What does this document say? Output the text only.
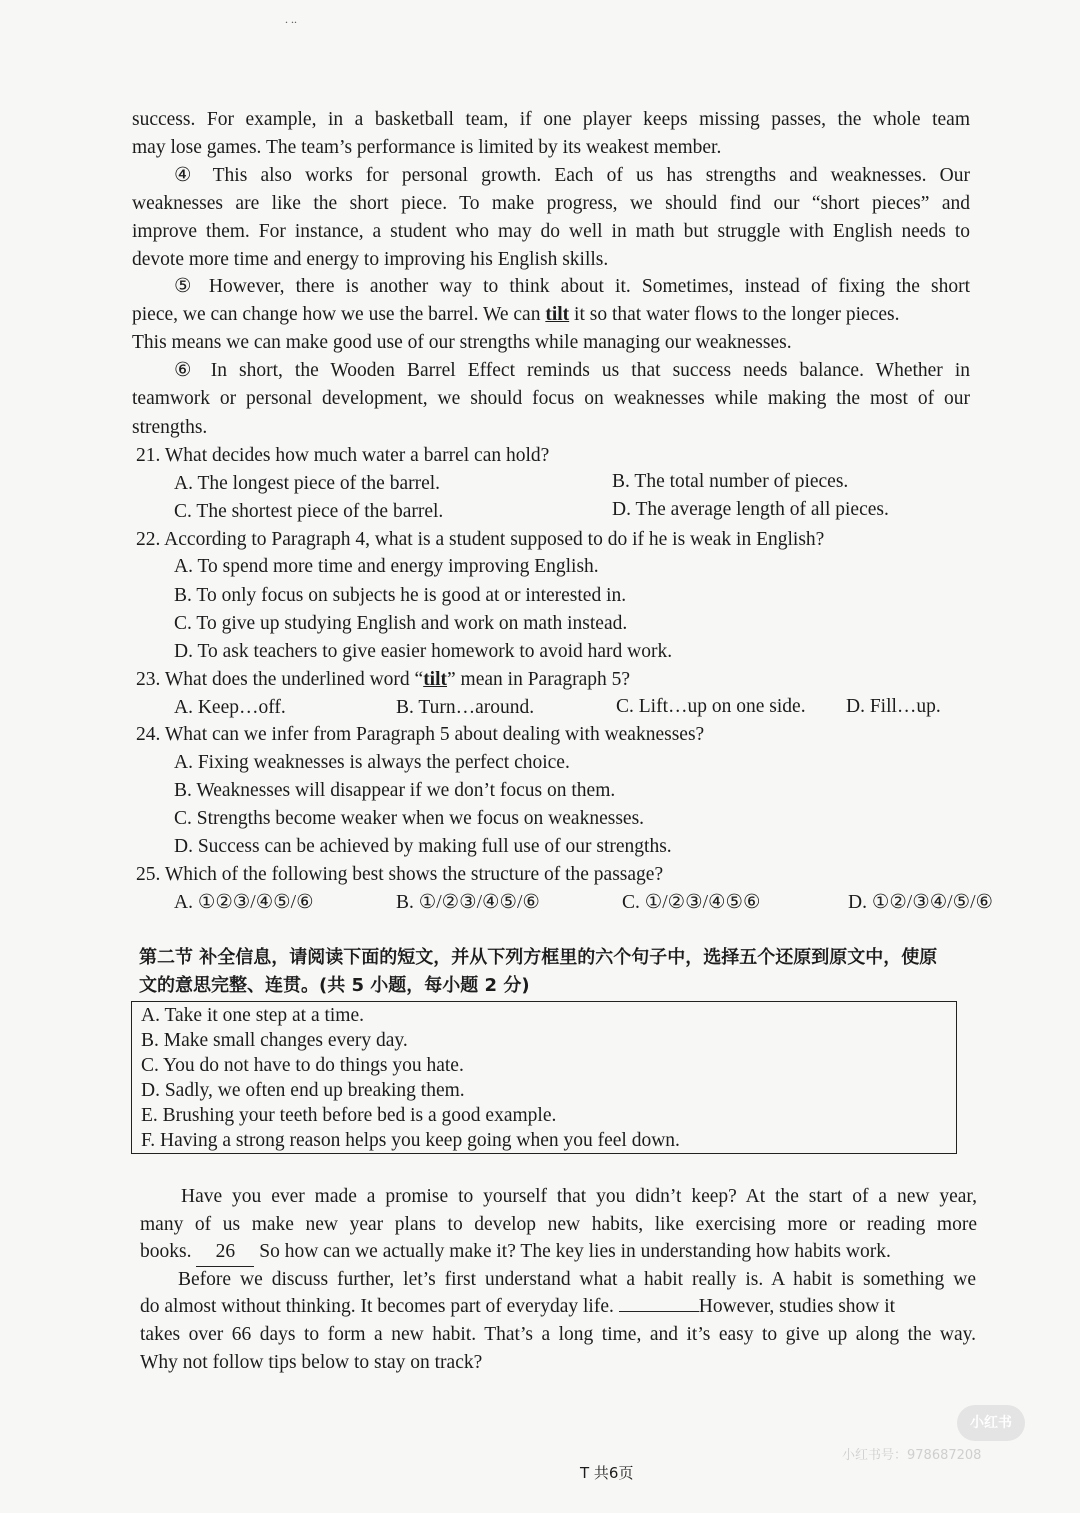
. ..
success. For example, in a basketball team, if one player keeps missing passes, the whole team
may lose games. The team’s performance is limited by its weakest member.
④ This also works for personal growth. Each of us has strengths and weaknesses. Our
weaknesses are like the short piece. To make progress, we should find our “short pieces” and
improve them. For instance, a student who may do well in math but struggle with English needs to
devote more time and energy to improving his English skills.
⑤ However, there is another way to think about it. Sometimes, instead of fixing the short
piece, we can change how we use the barrel. We can tilt it so that water flows to the longer pieces.
This means we can make good use of our strengths while managing our weaknesses.
⑥ In short, the Wooden Barrel Effect reminds us that success needs balance. Whether in
teamwork or personal development, we should focus on weaknesses while making the most of our
strengths.
21. What decides how much water a barrel can hold?
A. The longest piece of the barrel.	B. The total number of pieces.
C. The shortest piece of the barrel.	D. The average length of all pieces.
22. According to Paragraph 4, what is a student supposed to do if he is weak in English?
A. To spend more time and energy improving English.
B. To only focus on subjects he is good at or interested in.
C. To give up studying English and work on math instead.
D. To ask teachers to give easier homework to avoid hard work.
23. What does the underlined word “tilt” mean in Paragraph 5?
A. Keep…off.	B. Turn…around.	C. Lift…up on one side. D. Fill…up.
24. What can we infer from Paragraph 5 about dealing with weaknesses?
A. Fixing weaknesses is always the perfect choice.
B. Weaknesses will disappear if we don’t focus on them.
C. Strengths become weaker when we focus on weaknesses.
D. Success can be achieved by making full use of our strengths.
25. Which of the following best shows the structure of the passage?
A. ①②③/④⑤/⑥	B. ①/②③/④⑤/⑥	C. ①/②③/④⑤⑥	D. ①②/③④/⑤/⑥
第二节 补全信息，请阅读下面的短文，并从下列方框里的六个句子中，选择五个还原到原文中，使原
文的意思完整、连贯。(共 5 小题，每小题 2 分)
A. Take it one step at a time.
B. Make small changes every day.
C. You do not have to do things you hate.
D. Sadly, we often end up breaking them.
E. Brushing your teeth before bed is a good example.
F. Having a strong reason helps you keep going when you feel down.
Have you ever made a promise to yourself that you didn’t keep? At the start of a new year,
many of us make new year plans to develop new habits, like exercising more or reading more
books. 26 So how can we actually make it? The key lies in understanding how habits work.
Before we discuss further, let’s first understand what a habit really is. A habit is something we
do almost without thinking. It becomes part of everyday life.	However, studies show it
takes over 66 days to form a new habit. That’s a long time, and it’s easy to give up along the way.
Why not follow tips below to stay on track?
小红书
小红书号：978687208
T 共6页
